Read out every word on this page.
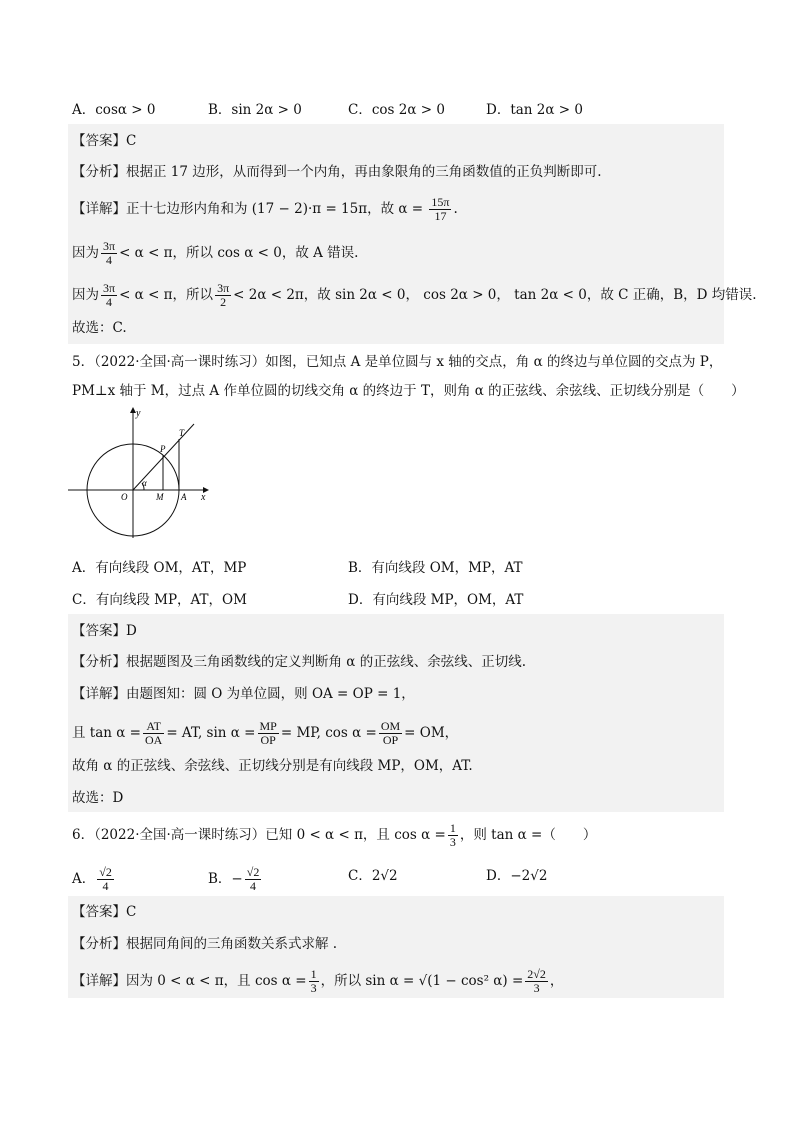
A．cosα > 0	B．sin 2α > 0	C．cos 2α > 0	D．tan 2α > 0
【答案】C
【分析】根据正 17 边形，从而得到一个内角，再由象限角的三角函数值的正负判断即可.
【详解】正十七边形内角和为 (17 − 2)·π = 15π，故 $\alpha = \frac{15\pi}{17}$ .
因为 $\frac{3\pi}{4} < \alpha < \pi$，所以 cos α < 0，故 A 错误.
因为 $\frac{3\pi}{4} < \alpha < \pi$，所以 $\frac{3\pi}{2} < 2\alpha < 2\pi$，故 sin 2α < 0， cos 2α > 0， tan 2α < 0，故 C 正确，B，D 均错误.
故选：C.
5．（2022·全国·高一课时练习）如图，已知点 A 是单位圆与 x 轴的交点，角 α 的终边与单位圆的交点为 P，
PM⊥x 轴于 M，过点 A 作单位圆的切线交角 α 的终边于 T，则角 α 的正弦线、余弦线、正切线分别是（　　）
y
x
O	M A
P
T
α
A．有向线段 OM，AT，MP	B．有向线段 OM，MP，AT
C．有向线段 MP，AT，OM	D．有向线段 MP，OM，AT
【答案】D
【分析】根据题图及三角函数线的定义判断角 α 的正弦线、余弦线、正切线.
【详解】由题图知：圆 O 为单位圆，则 OA = OP = 1，
且 $\tan \alpha = \frac{AT}{OA}$ = AT, $\sin \alpha = \frac{MP}{OP}$ = MP, $\cos \alpha = \frac{OM}{OP}$ = OM，
故角 α 的正弦线、余弦线、正切线分别是有向线段 MP，OM，AT.
故选：D
6．（2022·全国·高一课时练习）已知 0 < α < π，且 $\cos \alpha = \frac{1}{3}$ ，则 tan α =（　　）
A． $\frac{√2}{4}$	B．− $\frac{√2}{4}$	C．2√2	D．−2√2
【答案】C
【分析】根据同角间的三角函数关系式求解 .
【详解】因为 0 < α < π，且 $\cos \alpha = \frac{1}{3}$ ，所以 sin α = √(1 − cos² $\alpha) = \frac{2√2}{3}$ ，
